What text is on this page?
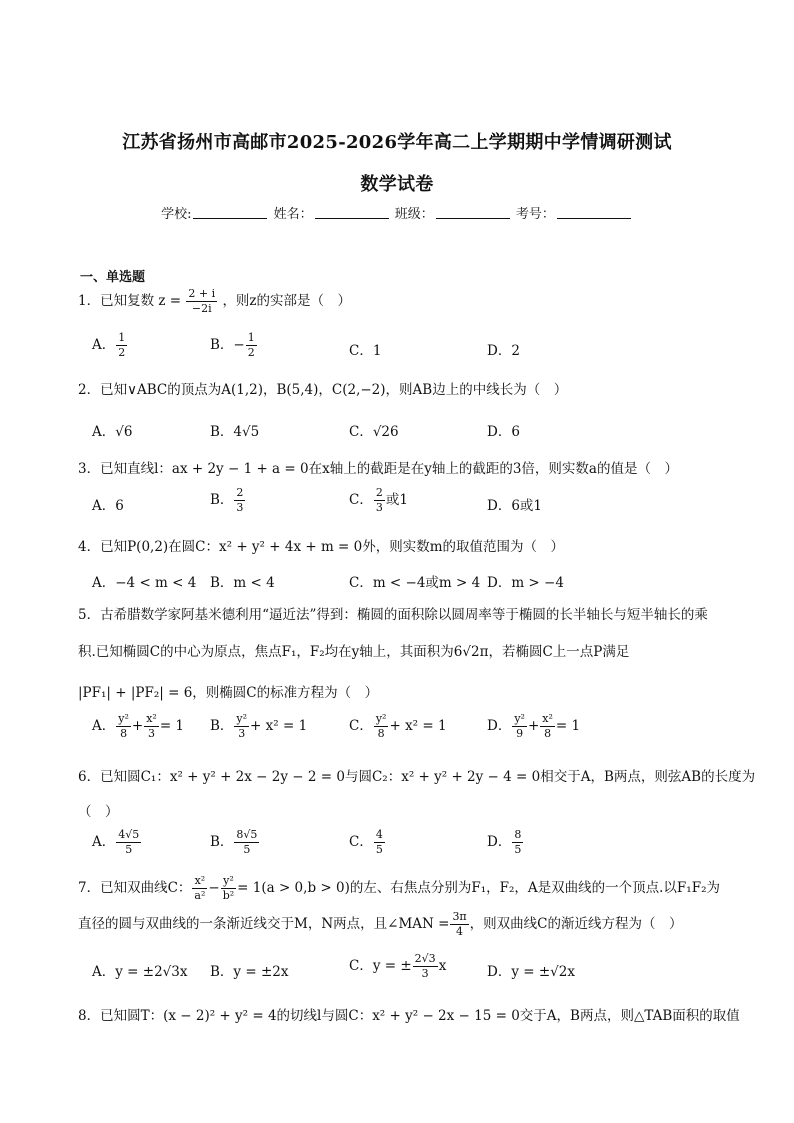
江苏省扬州市高邮市2025-2026学年高二上学期期中学情调研测试
数学试卷
学校:	姓名：	班级：	考号：
一、单选题
1．已知复数 $z = \frac{2 + i}{-2i}$ ，则z的实部是（　）
A． $\frac{1}{2}$	B．− $\frac{1}{2}$	C．1	D．2
2．已知∨ABC的顶点为A(1,2)，B(5,4)，C(2,−2)，则AB边上的中线长为（　）
A．√6	B．4√5	C．√26	D．6
3．已知直线l：ax + 2y − 1 + a = 0在x轴上的截距是在y轴上的截距的3倍，则实数a的值是（　）
A．6	B． $\frac{2}{3}$	C． $\frac{2}{3}$ 或1	D．6或1
4．已知P(0,2)在圆C：x² + y² + 4x + m = 0外，则实数m的取值范围为（　）
A．−4 < m < 4 B．m < 4	C．m < −4或m > 4 D．m > −4
5．古希腊数学家阿基米德利用“逼近法”得到：椭圆的面积除以圆周率等于椭圆的长半轴长与短半轴长的乘
积.已知椭圆C的中心为原点，焦点F₁，F₂均在y轴上，其面积为6√2π，若椭圆C上一点P满足
|PF₁| + |PF₂| = 6，则椭圆C的标准方程为（　）
A． $\frac{\text{y²}}{8} + \frac{\text{x²}}{3} = 1$ B． $\frac{\text{y²}}{3} + x^2 = 1$	C． $\frac{\text{y²}}{8} + x^2 = 1$	D． $\frac{\text{y²}}{9} + \frac{\text{x²}}{8} = 1$
6．已知圆C₁：x² + y² + 2x − 2y − 2 = 0与圆C₂：x² + y² + 2y − 4 = 0相交于A，B两点，则弦AB的长度为
（　）
A． $\frac{4√5}{5}$	B． $\frac{8√5}{5}$	C． $\frac{4}{5}$	D． $\frac{8}{5}$
7．已知双曲线C： $\frac{\text{x²}}{\text{a²}} - \frac{\text{y²}}{\text{b²}} = 1(a > 0,b > 0)$的左、右焦点分别为F₁，F₂，A是双曲线的一个顶点.以F₁F₂为
直径的圆与双曲线的一条渐近线交于M，N两点，且∠MAN = $\frac{3\pi}{4}$ ，则双曲线C的渐近线方程为（　）
A．y = ±2√3x B．y = ±2x	C．y = ± $\frac{2√3}{3}$ x	D．y = ±√2x
8．已知圆T：(x − 2)² + y² = 4的切线l与圆C：x² + y² − 2x − 15 = 0交于A，B两点，则△TAB面积的取值
